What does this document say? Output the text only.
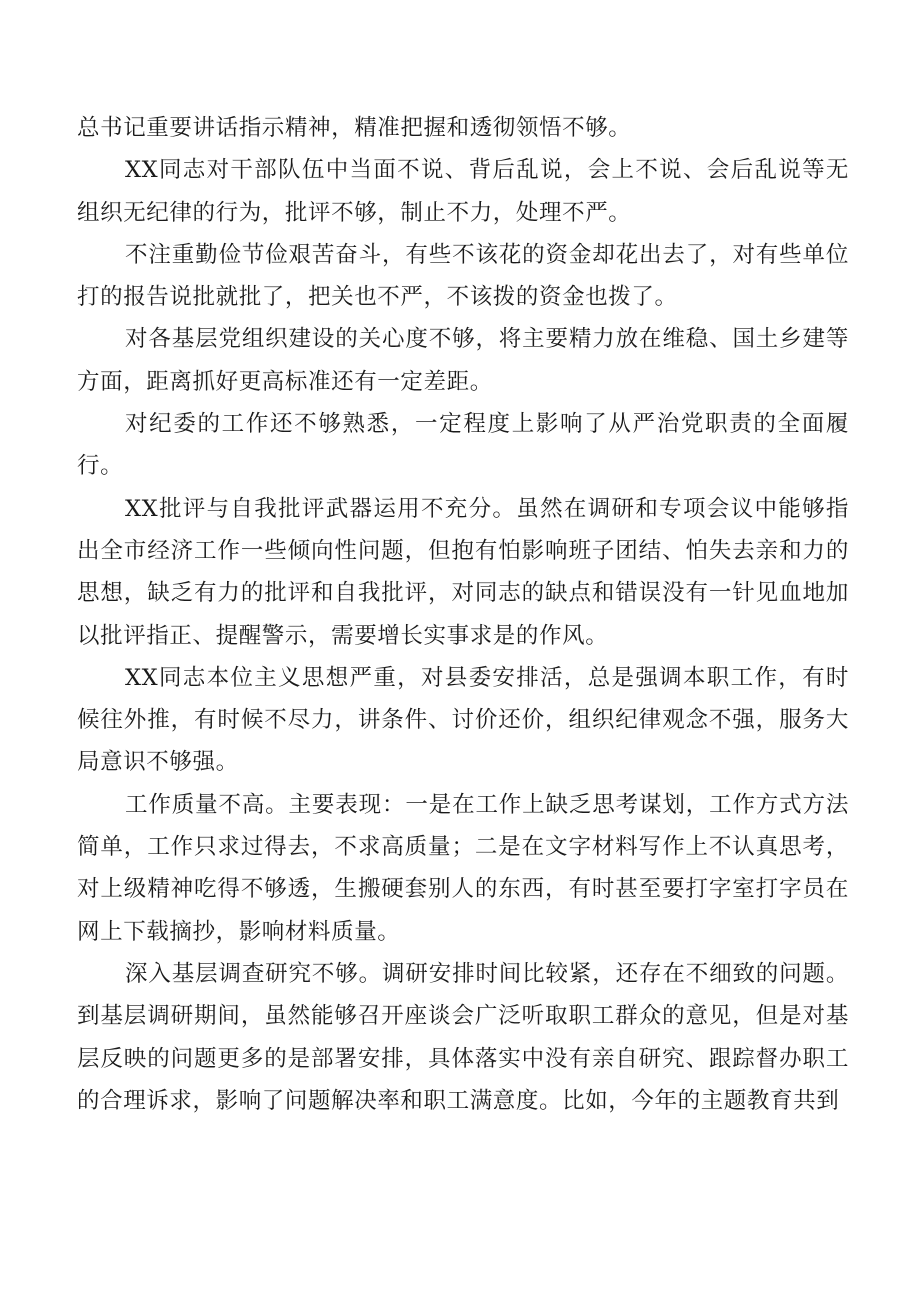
总书记重要讲话指示精神，精准把握和透彻领悟不够。

XX同志对干部队伍中当面不说、背后乱说，会上不说、会后乱说等无组织无纪律的行为，批评不够，制止不力，处理不严。

不注重勤俭节俭艰苦奋斗，有些不该花的资金却花出去了，对有些单位打的报告说批就批了，把关也不严，不该拨的资金也拨了。

对各基层党组织建设的关心度不够，将主要精力放在维稳、国土乡建等方面，距离抓好更高标准还有一定差距。

对纪委的工作还不够熟悉，一定程度上影响了从严治党职责的全面履行。

XX批评与自我批评武器运用不充分。虽然在调研和专项会议中能够指出全市经济工作一些倾向性问题，但抱有怕影响班子团结、怕失去亲和力的思想，缺乏有力的批评和自我批评，对同志的缺点和错误没有一针见血地加以批评指正、提醒警示，需要增长实事求是的作风。

XX同志本位主义思想严重，对县委安排活，总是强调本职工作，有时候往外推，有时候不尽力，讲条件、讨价还价，组织纪律观念不强，服务大局意识不够强。

工作质量不高。主要表现：一是在工作上缺乏思考谋划，工作方式方法简单，工作只求过得去，不求高质量；二是在文字材料写作上不认真思考，对上级精神吃得不够透，生搬硬套别人的东西，有时甚至要打字室打字员在网上下载摘抄，影响材料质量。

深入基层调查研究不够。调研安排时间比较紧，还存在不细致的问题。到基层调研期间，虽然能够召开座谈会广泛听取职工群众的意见，但是对基层反映的问题更多的是部署安排，具体落实中没有亲自研究、跟踪督办职工的合理诉求，影响了问题解决率和职工满意度。比如，今年的主题教育共到
